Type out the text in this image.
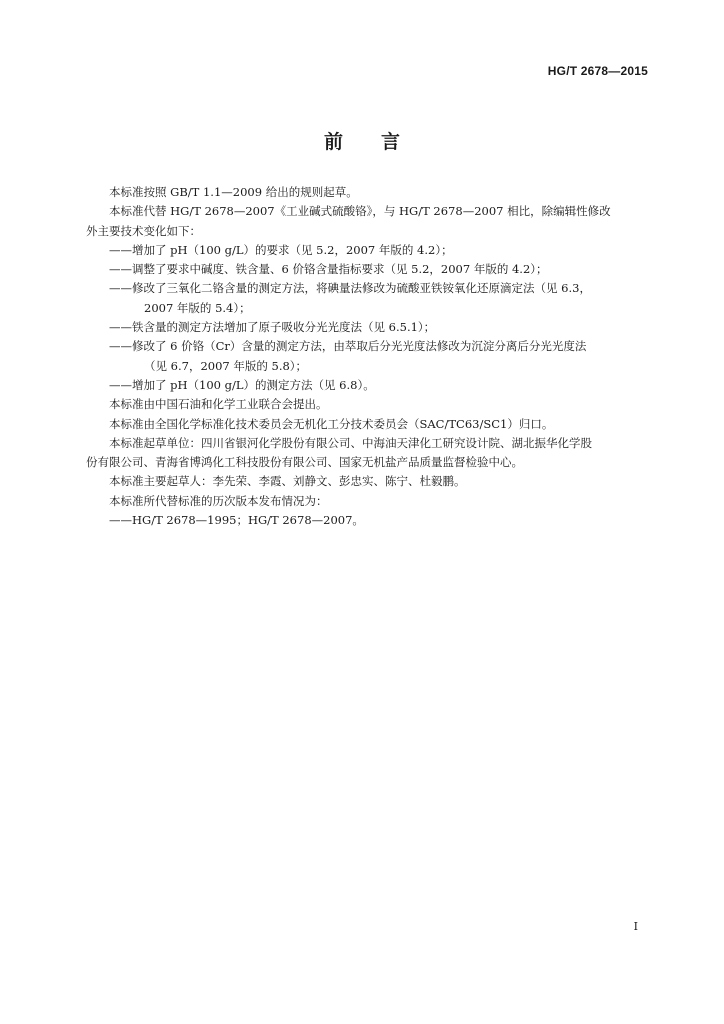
HG/T 2678—2015
前言
本标准按照 GB/T 1.1—2009 给出的规则起草。
本标准代替 HG/T 2678—2007《工业碱式硫酸铬》，与 HG/T 2678—2007 相比，除编辑性修改
外主要技术变化如下：
——增加了 pH（100 g/L）的要求（见 5.2，2007 年版的 4.2）；
——调整了要求中碱度、铁含量、6 价铬含量指标要求（见 5.2，2007 年版的 4.2）；
——修改了三氧化二铬含量的测定方法，将碘量法修改为硫酸亚铁铵氧化还原滴定法（见 6.3，
2007 年版的 5.4）；
——铁含量的测定方法增加了原子吸收分光光度法（见 6.5.1）；
——修改了 6 价铬（Cr）含量的测定方法，由萃取后分光光度法修改为沉淀分离后分光光度法
（见 6.7，2007 年版的 5.8）；
——增加了 pH（100 g/L）的测定方法（见 6.8）。
本标准由中国石油和化学工业联合会提出。
本标准由全国化学标准化技术委员会无机化工分技术委员会（SAC/TC63/SC1）归口。
本标准起草单位：四川省银河化学股份有限公司、中海油天津化工研究设计院、湖北振华化学股
份有限公司、青海省博鸿化工科技股份有限公司、国家无机盐产品质量监督检验中心。
本标准主要起草人：李先荣、李霞、刘静文、彭忠实、陈宁、杜毅鹏。
本标准所代替标准的历次版本发布情况为：
——HG/T 2678—1995；HG/T 2678—2007。
I
